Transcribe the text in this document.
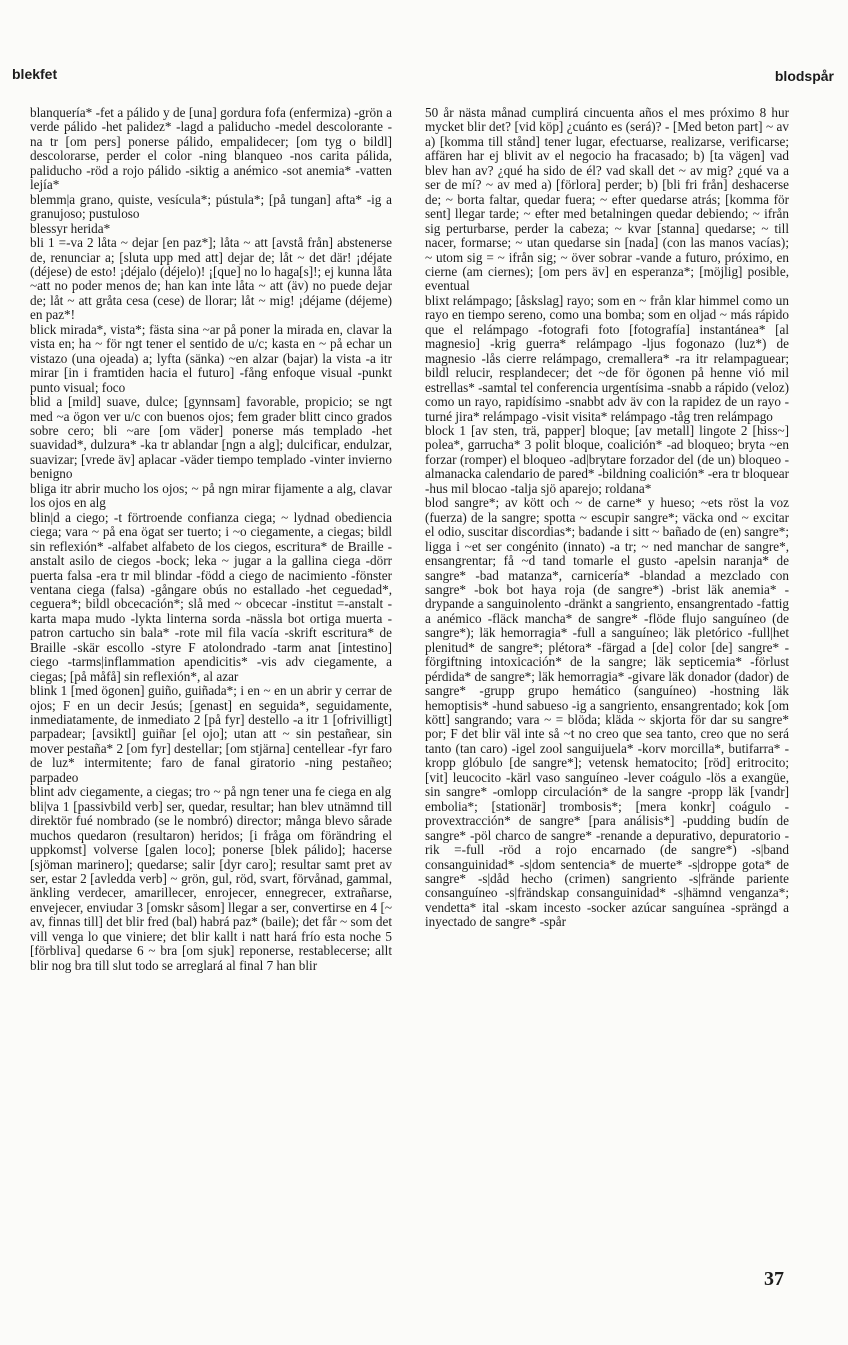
blekfet	blodspår

blanquería* -fet a pálido y de [una] gordura fofa (enfermiza) -grön a verde pálido -het palidez* -lagd a paliducho -medel descolorante -na tr [om pers] ponerse pálido, empalidecer; [om tyg o bildl] descolorarse, perder el color -ning blanqueo -nos carita pálida, paliducho -röd a rojo pálido -siktig a anémico -sot anemia* -vatten lejía*

blemm|a grano, quiste, vesícula*; pústula*; [på tungan] afta* -ig a granujoso; pustuloso

blessyr herida*

bli 1 =-va 2 låta ~ dejar [en paz*]; låta ~ att [avstå från] abstenerse de, renunciar a; [sluta upp med att] dejar de; låt ~ det där! ¡déjate (déjese) de esto! ¡déjalo (déjelo)! ¡[que] no lo haga[s]!; ej kunna låta ~att no poder menos de; han kan inte låta ~ att (äv) no puede dejar de; låt ~ att gråta cesa (cese) de llorar; låt ~ mig! ¡déjame (déjeme) en paz*!

blick mirada*, vista*; fästa sina ~ar på poner la mirada en, clavar la vista en; ha ~ för ngt tener el sentido de u/c; kasta en ~ på echar un vistazo (una ojeada) a; lyfta (sänka) ~en alzar (bajar) la vista -a itr mirar [in i framtiden hacia el futuro] -fång enfoque visual -punkt punto visual; foco

blid a [mild] suave, dulce; [gynnsam] favorable, propicio; se ngt med ~a ögon ver u/c con buenos ojos; fem grader blitt cinco grados sobre cero; bli ~are [om väder] ponerse más templado -het suavidad*, dulzura* -ka tr ablandar [ngn a alg]; dulcificar, endulzar, suavizar; [vrede äv] aplacar -väder tiempo templado -vinter invierno benigno

bliga itr abrir mucho los ojos; ~ på ngn mirar fijamente a alg, clavar los ojos en alg

blin|d a ciego; -t förtroende confianza ciega; ~ lydnad obediencia ciega; vara ~ på ena ögat ser tuerto; i ~o ciegamente, a ciegas; bildl sin reflexión* -alfabet alfabeto de los ciegos, escritura* de Braille -anstalt asilo de ciegos -bock; leka ~ jugar a la gallina ciega -dörr puerta falsa -era tr mil blindar -född a ciego de nacimiento -fönster ventana ciega (falsa) -gångare obús no estallado -het ceguedad*, ceguera*; bildl obcecación*; slå med ~ obcecar -institut =-anstalt -karta mapa mudo -lykta linterna sorda -nässla bot ortiga muerta -patron cartucho sin bala* -rote mil fila vacía -skrift escritura* de Braille -skär escollo -styre F atolondrado -tarm anat [intestino] ciego -tarms|inflammation apendicitis* -vis adv ciegamente, a ciegas; [på måfå] sin reflexión*, al azar

blink 1 [med ögonen] guiño, guiñada*; i en ~ en un abrir y cerrar de ojos; F en un decir Jesús; [genast] en seguida*, seguidamente, inmediatamente, de inmediato 2 [på fyr] destello -a itr 1 [ofrivilligt] parpadear; [avsiktl] guiñar [el ojo]; utan att ~ sin pestañear, sin mover pestaña* 2 [om fyr] destellar; [om stjärna] centellear -fyr faro de luz* intermitente; faro de fanal giratorio -ning pestañeo; parpadeo

blint adv ciegamente, a ciegas; tro ~ på ngn tener una fe ciega en alg

bli|va 1 [passivbild verb] ser, quedar, resultar; han blev utnämnd till direktör fué nombrado (se le nombró) director; många blevo sårade muchos quedaron (resultaron) heridos; [i fråga om förändring el uppkomst] volverse [galen loco]; ponerse [blek pálido]; hacerse [sjöman marinero]; quedarse; salir [dyr caro]; resultar samt pret av ser, estar 2 [avledda verb] ~ grön, gul, röd, svart, förvånad, gammal, änkling verdecer, amarillecer, enrojecer, ennegrecer, extrañarse, envejecer, enviudar 3 [omskr såsom] llegar a ser, convertirse en 4 [~ av, finnas till] det blir fred (bal) habrá paz* (baile); det får ~ som det vill venga lo que viniere; det blir kallt i natt hará frío esta noche 5 [förbliva] quedarse 6 ~ bra [om sjuk] reponerse, restablecerse; allt blir nog bra till slut todo se arreglará al final 7 han blir

50 år nästa månad cumplirá cincuenta años el mes próximo 8 hur mycket blir det? [vid köp] ¿cuánto es (será)? - [Med beton part] ~ av a) [komma till stånd] tener lugar, efectuarse, realizarse, verificarse; affären har ej blivit av el negocio ha fracasado; b) [ta vägen] vad blev han av? ¿qué ha sido de él? vad skall det ~ av mig? ¿qué va a ser de mí? ~ av med a) [förlora] perder; b) [bli fri från] deshacerse de; ~ borta faltar, quedar fuera; ~ efter quedarse atrás; [komma för sent] llegar tarde; ~ efter med betalningen quedar debiendo; ~ ifrån sig perturbarse, perder la cabeza; ~ kvar [stanna] quedarse; ~ till nacer, formarse; ~ utan quedarse sin [nada] (con las manos vacías); ~ utom sig = ~ ifrån sig; ~ över sobrar -vande a futuro, próximo, en cierne (am ciernes); [om pers äv] en esperanza*; [möjlig] posible, eventual

blixt relámpago; [åskslag] rayo; som en ~ från klar himmel como un rayo en tiempo sereno, como una bomba; som en oljad ~ más rápido que el relámpago -fotografi foto [fotografía] instantánea* [al magnesio] -krig guerra* relámpago -ljus fogonazo (luz*) de magnesio -lås cierre relámpago, cremallera* -ra itr relampaguear; bildl relucir, resplandecer; det ~de för ögonen på henne vió mil estrellas* -samtal tel conferencia urgentísima -snabb a rápido (veloz) como un rayo, rapidísimo -snabbt adv äv con la rapidez de un rayo -turné jira* relámpago -visit visita* relámpago -tåg tren relámpago

block 1 [av sten, trä, papper] bloque; [av metall] lingote 2 [hiss~] polea*, garrucha* 3 polit bloque, coalición* -ad bloqueo; bryta ~en forzar (romper) el bloqueo -ad|brytare forzador del (de un) bloqueo -almanacka calendario de pared* -bildning coalición* -era tr bloquear -hus mil blocao -talja sjö aparejo; roldana*

blod sangre*; av kött och ~ de carne* y hueso; ~ets röst la voz (fuerza) de la sangre; spotta ~ escupir sangre*; väcka ond ~ excitar el odio, suscitar discordias*; badande i sitt ~ bañado de (en) sangre*; ligga i ~et ser congénito (innato) -a tr; ~ ned manchar de sangre*, ensangrentar; få ~d tand tomarle el gusto -apelsin naranja* de sangre* -bad matanza*, carnicería* -blandad a mezclado con sangre* -bok bot haya roja (de sangre*) -brist läk anemia* -drypande a sanguinolento -dränkt a sangriento, ensangrentado -fattig a anémico -fläck mancha* de sangre* -flöde flujo sanguíneo (de sangre*); läk hemorragia* -full a sanguíneo; läk pletórico -full|het plenitud* de sangre*; plétora* -färgad a [de] color [de] sangre* -förgiftning intoxicación* de la sangre; läk septicemia* -förlust pérdida* de sangre*; läk hemorragia* -givare läk donador (dador) de sangre* -grupp grupo hemático (sanguíneo) -hostning läk hemoptisis* -hund sabueso -ig a sangriento, ensangrentado; kok [om kött] sangrando; vara ~ = blöda; kläda ~ skjorta för dar su sangre* por; F det blir väl inte så ~t no creo que sea tanto, creo que no será tanto (tan caro) -igel zool sanguijuela* -korv morcilla*, butifarra* -kropp glóbulo [de sangre*]; vetensk hematocito; [röd] eritrocito; [vit] leucocito -kärl vaso sanguíneo -lever coágulo -lös a exangüe, sin sangre* -omlopp circulación* de la sangre -propp läk [vandr] embolia*; [stationär] trombosis*; [mera konkr] coágulo -provextracción* de sangre* [para análisis*] -pudding budín de sangre* -pöl charco de sangre* -renande a depurativo, depuratorio -rik =-full -röd a rojo encarnado (de sangre*) -s|band consanguinidad* -s|dom sentencia* de muerte* -s|droppe gota* de sangre* -s|dåd hecho (crimen) sangriento -s|frände pariente consanguíneo -s|frändskap consanguinidad* -s|hämnd venganza*; vendetta* ital -skam incesto -socker azúcar sanguínea -sprängd a inyectado de sangre* -spår

37
